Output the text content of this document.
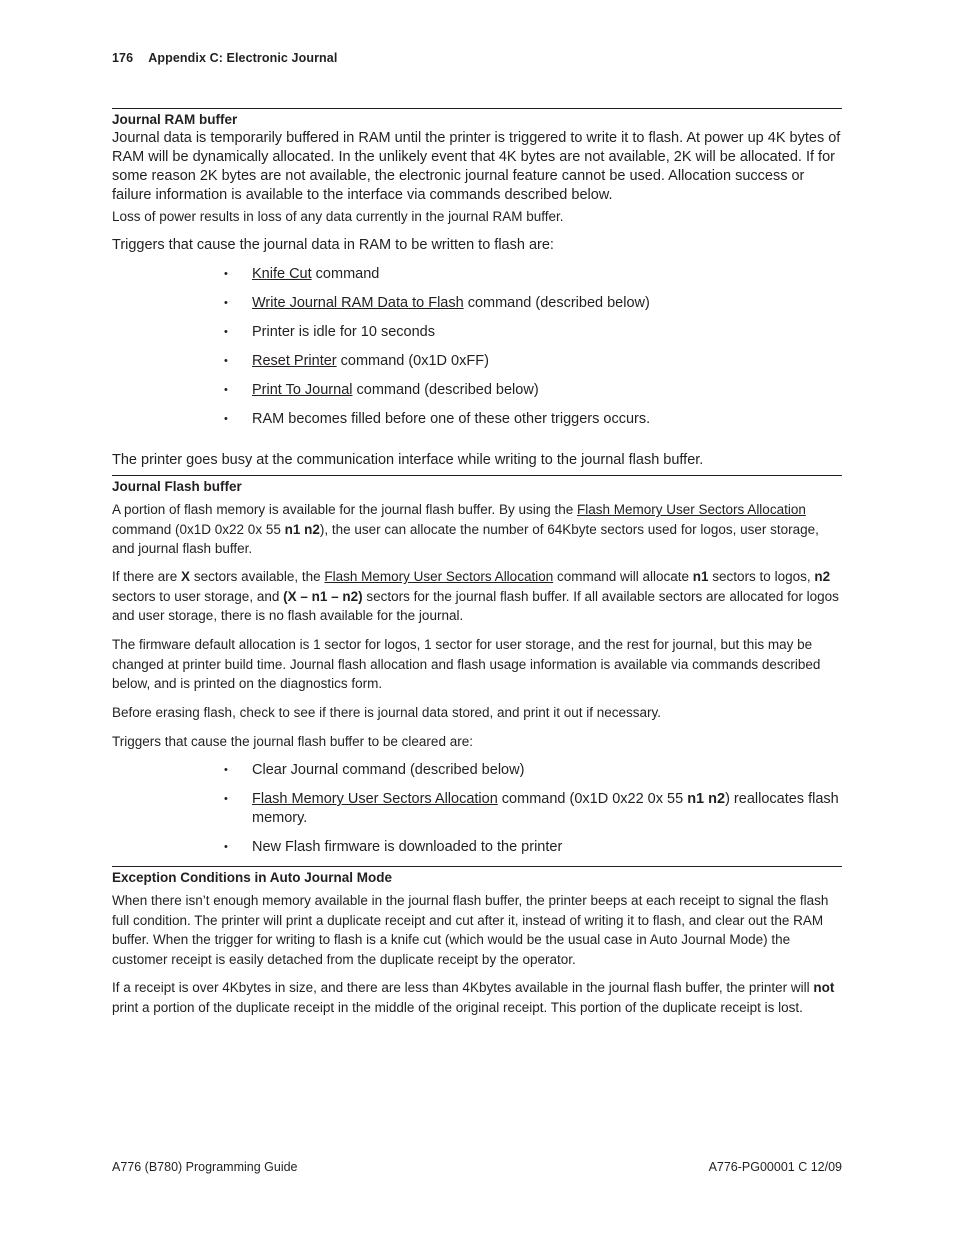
176 Appendix C: Electronic Journal
Journal RAM buffer

Journal data is temporarily buffered in RAM until the printer is triggered to write it to flash. At power up 4K bytes of RAM will be dynamically allocated. In the unlikely event that 4K bytes are not available, 2K will be allocated. If for some reason 2K bytes are not available, the electronic journal feature cannot be used. Allocation success or failure information is available to the interface via commands described below.

Loss of power results in loss of any data currently in the journal RAM buffer.

Triggers that cause the journal data in RAM to be written to flash are:

• Knife Cut command
• Write Journal RAM Data to Flash command (described below)
• Printer is idle for 10 seconds
• Reset Printer command (0x1D 0xFF)
• Print To Journal command (described below)
• RAM becomes filled before one of these other triggers occurs.

The printer goes busy at the communication interface while writing to the journal flash buffer.

Journal Flash buffer

A portion of flash memory is available for the journal flash buffer. By using the Flash Memory User Sectors Allocation command (0x1D 0x22 0x 55 n1 n2), the user can allocate the number of 64Kbyte sectors used for logos, user storage, and journal flash buffer.

If there are X sectors available, the Flash Memory User Sectors Allocation command will allocate n1 sectors to logos, n2 sectors to user storage, and (X – n1 – n2) sectors for the journal flash buffer. If all available sectors are allocated for logos and user storage, there is no flash available for the journal.

The firmware default allocation is 1 sector for logos, 1 sector for user storage, and the rest for journal, but this may be changed at printer build time. Journal flash allocation and flash usage information is available via commands described below, and is printed on the diagnostics form.

Before erasing flash, check to see if there is journal data stored, and print it out if necessary.

Triggers that cause the journal flash buffer to be cleared are:

• Clear Journal command (described below)
• Flash Memory User Sectors Allocation command (0x1D 0x22 0x 55 n1 n2) reallocates flash memory.
• New Flash firmware is downloaded to the printer
Exception Conditions in Auto Journal Mode

When there isn’t enough memory available in the journal flash buffer, the printer beeps at each receipt to signal the flash full condition. The printer will print a duplicate receipt and cut after it, instead of writing it to flash, and clear out the RAM buffer. When the trigger for writing to flash is a knife cut (which would be the usual case in Auto Journal Mode) the customer receipt is easily detached from the duplicate receipt by the operator.

If a receipt is over 4Kbytes in size, and there are less than 4Kbytes available in the journal flash buffer, the printer will not print a portion of the duplicate receipt in the middle of the original receipt. This portion of the duplicate receipt is lost.

A776 (B780) Programming Guide	A776-PG00001 C 12/09
